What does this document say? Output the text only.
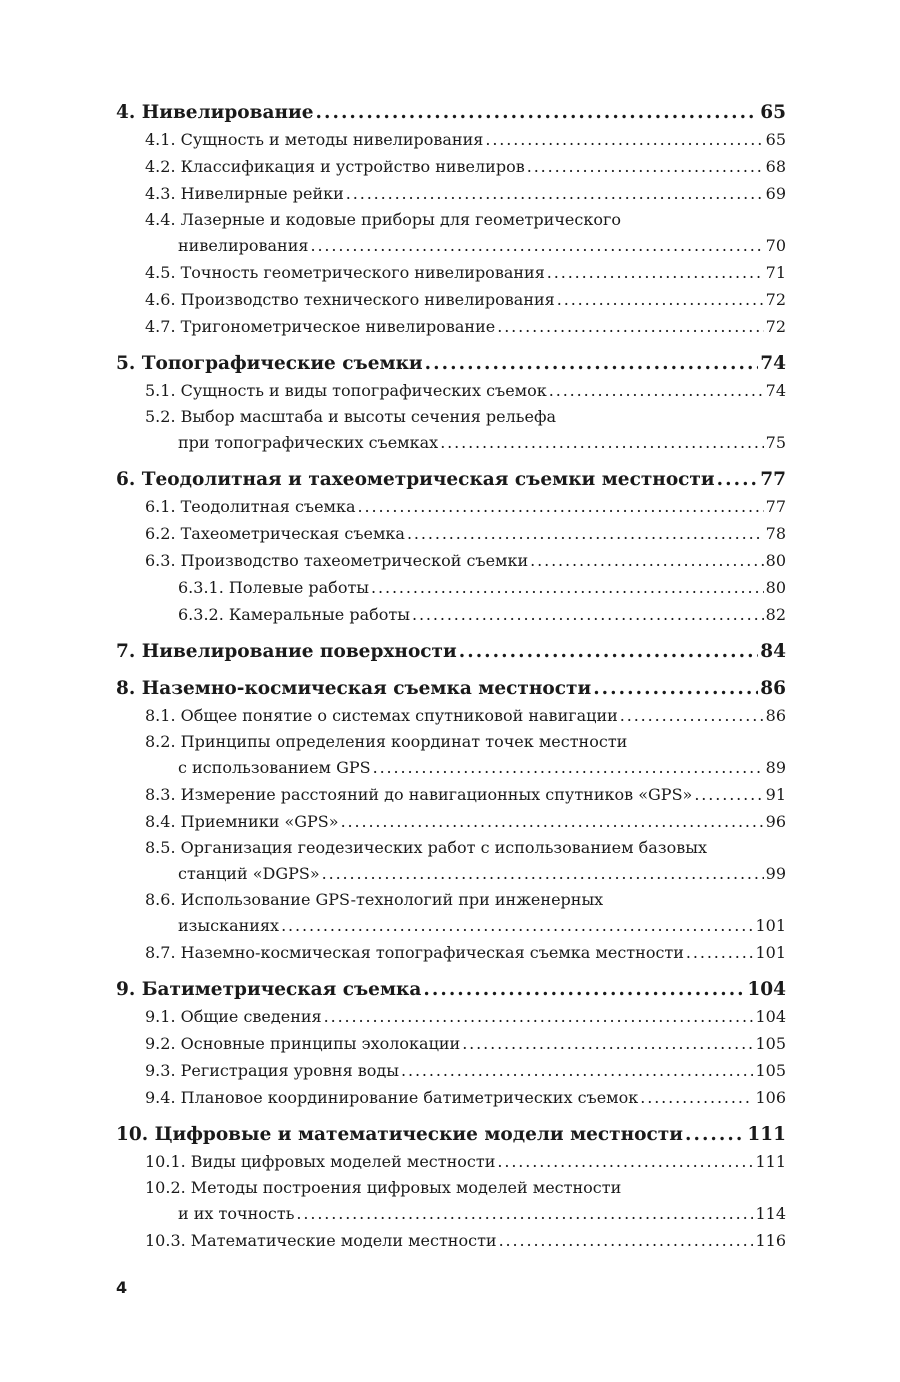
4. Нивелирование . . .	65
4.1. Сущность и методы нивелирования . . .	65
4.2. Классификация и устройство нивелиров . . .	68
4.3. Нивелирные рейки . . .	69
4.4. Лазерные и кодовые приборы для геометрического
нивелирования . . .	70
4.5. Точность геометрического нивелирования . . .	71
4.6. Производство технического нивелирования . . .	72
4.7. Тригонометрическое нивелирование . . .	72
5. Топографические съемки . . .	74
5.1. Сущность и виды топографических съемок . . .	74
5.2. Выбор масштаба и высоты сечения рельефа
при топографических съемках . . .	75
6. Теодолитная и тахеометрическая съемки местности . . . 77
6.1. Теодолитная съемка . . .	77
6.2. Тахеометрическая съемка . . .	78
6.3. Производство тахеометрической съемки . . .	80
6.3.1. Полевые работы . . .	80
6.3.2. Камеральные работы . . .	82
7. Нивелирование поверхности . . .	84
8. Наземно-космическая съемка местности . . .	86
8.1. Общее понятие о системах спутниковой навигации . . .	86
8.2. Принципы определения координат точек местности
с использованием GPS . . .	89
8.3. Измерение расстояний до навигационных спутников «GPS» . . .	91
8.4. Приемники «GPS» . . .	96
8.5. Организация геодезических работ с использованием базовых
станций «DGPS» . . .	99
8.6. Использование GPS-технологий при инженерных
изысканиях . . .	101
8.7. Наземно-космическая топографическая съемка местности . . .	101
9. Батиметрическая съемка . . .	104
9.1. Общие сведения . . .	104
9.2. Основные принципы эхолокации . . .	105
9.3. Регистрация уровня воды . . .	105
9.4. Плановое координирование батиметрических съемок . . .	106
10. Цифровые и математические модели местности . . .	111
10.1. Виды цифровых моделей местности . . .	111
10.2. Методы построения цифровых моделей местности
и их точность . . .	114
10.3. Математические модели местности . . .	116
4
